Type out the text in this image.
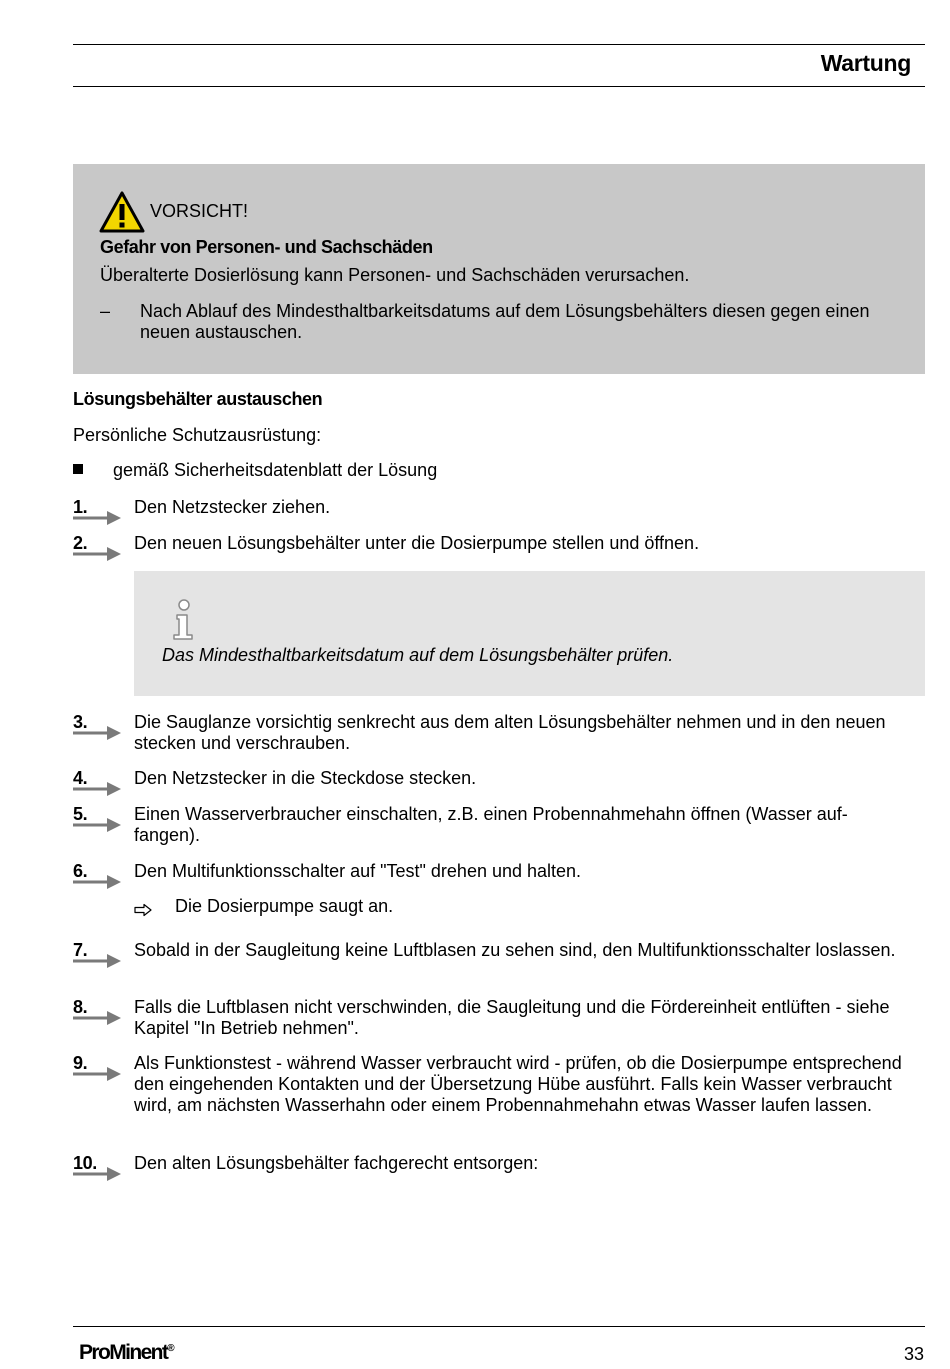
Wartung
VORSICHT!
Gefahr von Personen- und Sachschäden
Überalterte Dosierlösung kann Personen- und Sachschäden verursachen.
– Nach Ablauf des Mindesthaltbarkeitsdatums auf dem Lösungsbehälters diesen gegen einen neuen austauschen.
Lösungsbehälter austauschen
Persönliche Schutzausrüstung:
gemäß Sicherheitsdatenblatt der Lösung
1.	Den Netzstecker ziehen.
2.	Den neuen Lösungsbehälter unter die Dosierpumpe stellen und öffnen.
Das Mindesthaltbarkeitsdatum auf dem Lösungsbehälter prüfen.
3.	Die Sauglanze vorsichtig senkrecht aus dem alten Lösungsbehälter nehmen und in den neuen stecken und verschrauben.
4.	Den Netzstecker in die Steckdose stecken.
5.	Einen Wasserverbraucher einschalten, z.B. einen Probennahmehahn öffnen (Wasser auffangen).
6.	Den Multifunktionsschalter auf "Test" drehen und halten.
Die Dosierpumpe saugt an.
7.	Sobald in der Saugleitung keine Luftblasen zu sehen sind, den Multifunktionsschalter loslassen.
8.	Falls die Luftblasen nicht verschwinden, die Saugleitung und die Fördereinheit entlüften - siehe Kapitel "In Betrieb nehmen".
9.	Als Funktionstest - während Wasser verbraucht wird - prüfen, ob die Dosierpumpe entsprechend den eingehenden Kontakten und der Übersetzung Hübe ausführt. Falls kein Wasser verbraucht wird, am nächsten Wasserhahn oder einem Probennahmehahn etwas Wasser laufen lassen.
10. Den alten Lösungsbehälter fachgerecht entsorgen:
ProMinent®	33
